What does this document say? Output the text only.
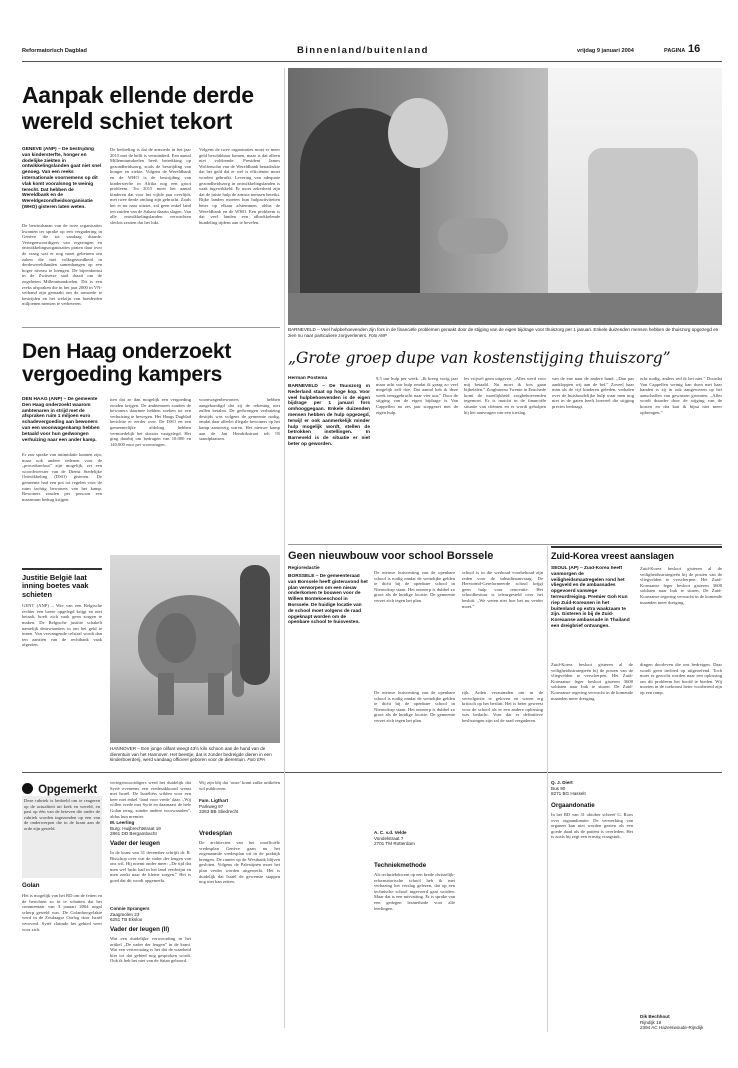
Reformatorisch Dagblad	Binnenland/buitenland	vrijdag 9 januari 2004	PAGINA 16
Aanpak ellende derde
wereld schiet tekort
GENEVE (ANP) – De bestrijding van kindersterfte, honger en dodelijke ziekten in ontwikkelingslanden gaat niet snel genoeg. Van een reeks internationale voornemens op dit vlak komt vooralsnog te weinig terecht. Dat hebben de Wereldbank en de Wereldgezondheidsorganisatie (WHO) gisteren laten weten.
De bewindsman van de twee organisaties kwamen ter sprake op een vergadering in Genève die tot vandaag duurde. Vertegenwoordigers van regeringen en ontwikkelingsorganisaties praten daar over de vraag wat er nog moet gebeuren om zaken die met volksgezondheid in derdewereldlanden samenhangen op een hoger niveau te brengen. De bijeenkomst in de Zwitserse stad draait om de zogeheten Millenniumdoelen. Dit is een reeks afspraken die in het jaar 2000 in VN-verband zijn gemaakt om de armoede te bestrijden en het welzijn van honderden miljoenen mensen te verbeteren.
De bedoeling is dat de armoede in het jaar 2015 met de helft is verminderd. Een aantal Millenniumdoelen heeft betrekking op gezondheidszorg, zoals de bestrijding van honger en ziekte. Volgens de Wereldbank en de WHO is de bestrijding van kindersterfte in Afrika nog een groot probleem. Tot 2015 moet het aantal kinderen dat voor het vijfde jaar overlijdt, met twee derde omlaag zijn gebracht. Zoals het er nu naar uitziet, zal geen enkel land ten zuiden van de Sahara daarin slagen. Van alle ontwikkelingslanden verwachten slechts zestien dat het lukt.
Volgens de twee organisaties moet er meer geld beschikbaar komen, maar is dat alleen niet voldoende. President James Wolfensohn van de Wereldbank benadrukte dat het geld dat er wel is efficiënter moet worden gebruikt. Levering van adequate gezondheidszorg in ontwikkelingslanden is vaak ingewikkeld. Er moet zekerheid zijn dat de juiste hulp de armste mensen bereikt. Rijke landen moeten hun hulpactiviteiten beter op elkaar afstemmen, aldus de Wereldbank en de WHO. Een probleem is dat veel landen een afbrokkelende bundeling tijdens aan te bevelen.
BARNEVELD – Veel hulpbehoevenden zijn fors in de financiële problemen geraakt door de stijging van de eigen bijdrage voor thuiszorg per 1 januari. Enkele duizenden mensen hebben de thuiszorg opgezegd en zien nu naar particuliere zorgverleners. Foto ANP
Den Haag onderzoekt
vergoeding kampers
DEN HAAG (ANP) – De gemeente Den Haag onderzoekt waarom ambtenaren in strijd met de afspraken ruim 1 miljoen euro schadevergoeding aan bewoners van een woonwagenkamp hebben betaald voor hun gedwongen verhuizing naar een ander kamp.
Er zou sprake van intimidatie kunnen zijn, maar ook andere redenen voor de „procedurefout” zijn mogelijk, zei een woordvoerster van de Dienst Stedelijke Ontwikkeling (DSO) gisteren. De gemeente had een pot tot regelen voor de ruim tachtig bewoners van het kamp. Bewoners zouden per persoon een maximum bedrag krijgen.
tien dat ze dan mogelijk een vergoeding zouden krijgen. De ambtenaren zouden de bewoners daarmee hebben zoeken tot een verhuizing te bewegen. Het Haags Dagblad berichtte er eerder over. De DSO en een gemeentelijke afdeling hebben vermoedelijk het dossier vastgelegd. Het ging daarbij om bedragen van 10.000 en 140.000 euro per woonwagen.
woonwagenbewoners hebben aangekondigd dat zij de rekening niet zullen betalen. De gedwongen verhuizing destijds was volgens de gemeente nodig, omdat daar allerlei illegale bewoners op het kamp aanwezig waren. Het nieuwe kamp aan de Jan Hendrikstraat telt 95 standplaatsen.
Justitie België laat inning boetes vaak schieten
GENT (ANP) – Wie van een Belgische rechter een boete opgelegd krijgt en niet betaalt, hoeft zich vaak geen zorgen te maken. De Belgische justitie schakelt namelijk deurwaarders in om het geld te innen. Van vervangende celstraf wordt dan ten aanzien van de rechtbank vaak afgezien.
HANNOVER – Een jonge olifant weegt 43½ kilo schoon aan de hand van de dierentuin van het Hannover. Het beestje, dat is zonder bedreigde dieren in een kinderboerderij, werd vandaag officieel geboren voor de dierentuin. Foto EPA
„Grote groep dupe van kostenstijging thuiszorg”
Herman Postema
BARNEVELD – De thuiszorg in Nederland staat op hoge kop. Voor veel hulpbehoevenden is de eigen bijdrage per 1 januari fors omhooggegaan. Enkele duizenden mensen hebben de hulp opgezegd, terwijl er ook aanmerkelijk minder hulp mogelijk wordt, stellen de betrokken instellingen. In Barneveld is de situatie er niet beter op geworden.
9,5 uur hulp per week. „Ik kreeg vorig jaar maar acht uur hulp omdat ik graag zo veel mogelijk zelf doe. Dat aantal heb ik deze week teruggebracht naar vier uur.” Door de stijging van de eigen bijdrage is Van Cappellen na zes jaar stopgezet met de eigen hulp.
les vrijwel geen uitgaven. „Alles werd voor mij betaald. Nu moet ik fors gaan bijbetalen.” Zorgbureau Twente in Enschede komt de moeilijkheid zorgbehoevenden tegemoet. Er is inzicht in de financiële situatie van cliënten en er wordt geholpen bij het aanvragen van een toeslag.
van de ene naar de andere hand. „Dan pas aankloppen wij aan de bel.” Zoveel haar man als de vijf kinderen geleden, verhalen over de huishoudelijke hulp waar men nog niet in de gaten heeft hoeveel die stijging precies bedraagt.
echt nodig, anders red ik het niet.” Doordat Van Cappellen weinig kan doen met haar handen is zij in ook aangewezen op het aanschaffen van gewassen groenten. „Alles wordt duurder door de stijging van de kosten en dat kan ik bijna niet meer opbrengen.”
Geen nieuwbouw voor school Borssele
Regioredactie
BORSSELE – De gemeenteraad van Borssele heeft gisteravond het plan verworpen om een nieuw onderkomen te bouwen voor de Willem Bontekoeschool in Borssele. De huidige locatie van de school moet volgens de raad opgeknapt worden om de openbare school te huisvesten.
De nieuwe huisvesting van de openbare school is nodig omdat de wettelijke gelden te dicht bij de openbare school in Nieuwdorp staan. Het ontwerp is dubbel zo groot als de huidige locatie. De gemeente verzet zich tegen het plan.
school is in die wethoud voorbehoud zijn reden voor de subsidieaanvraag. De Hervormd-Gereformeerde school krijgt geen hulp voor renovatie. Het schoolbestuur is teleurgesteld over het besluit. „We weten niet hoe het nu verder moet.”
rijk. Arden verzuimden om in de vervolgactie te geloven en waren erg kritisch op het besluit. Het is beter geweest voor de school als er een andere oplossing was bedacht. Voor dat er definitieve beslissingen zijn zal de raad vergaderen.
Zuid-Korea vreest aanslagen
SEOUL (AP) – Zuid-Korea heeft vanmorgen de veiligheidsmaatregelen rond het vliegveld en de ambassades opgevoerd vanwege terreurdreiging. Premier Goh Kun riep Zuid-Koreanen in het buitenland op extra waakzaam te zijn. Gisteren is bij de Zuid-Koreaanse ambassade in Thailand een dreigbrief ontvangen.
Zuid-Korea besloot gisteren al de veiligheidsstrategieën bij de posten van de vliegvelden te verscherpen. Het Zuid-Koreaanse leger besloot gisteren 3600 soldaten naar Irak te sturen. De Zuid-Koreaanse regering verwacht in de komende maanden meer dreiging.
Opgemerkt
Deze rubriek is bedoeld om te reageren op de actualiteit uit kerk en wereld, en past op één van de brieven die onder de rubriek worden ingezonden op een van de onderwerpen die in de krant aan de orde zijn gesteld.
Golan
Het is mogelijk van het RD om de feiten en de berichten zo in te schatten dat het commentaar van 3 januari 2004 nogal scherp gesteld was. De Golanhoogvlakte werd in de Zesdaagse Oorlog door Israël veroverd. Syrië claimde het gebied weer voor zich.
vertegenwoordigers werd het duidelijk dat Syrië eveneens een vredesakkoord wenst met Israël. De Israëliërs wilden voor een keer niet enkel ‘land voor vrede’ daar. „Wij willen vrede met Syrië en daarnaast de hele Golan terug, zonder andere voorwaarden”, aldus hun premier.
M. Leerling
Burg. Huijbrechtstraat 19
2861 DD Bergambacht
Vader der leugen
In de krant van 31 december schrijft dr. R. Bisschop over wat de vader der leugen van ons wil. Hij noemt onder meer: „De tijd dat men wel lucht had in het land verdwijnt en men zoekt naar de kleine zorgen.” Het is goed dat dit wordt opgemerkt.
Connie Sprangers
Zaagmolen 23
6251 TB Eksloo
Vader der leugen (II)
Wat een duidelijke verwoording in het artikel „De vader der leugen” in de krant. Wat een vertroosting is het dat de waarheid hier tot dat gebied nog gesproken wordt. Ook ik heb het niet van de Satan gehoord.
Wij zijn blij dat ‘onze’ krant zulke artikelen wil publiceren.
Fam. Ligthart
Parkweg 97
3363 BB Sliedrecht
Vredesplan
De architecten van het onofficiële vredesplan Genève gaan nu het zogenaamde vredesplan uit in de praktijk brengen. De ramen op de Westbank blijven gesloten. Volgens de Palestijnen moet het plan verder worden uitgewerkt. Het is duidelijk dat Israël de gewenste stappen nog niet kan zetten.
A. C. v.d. Velde
Vondelstraat 7
2701 TM Rotterdam
Techniekmethode
Als techniekdocent op een brede christelijk-reformatorische school heb ik met verbazing het verslag gelezen, dat op een technische school ingevoerd gaat worden. Maar dat is een misvatting. Er is sprake van een gedegen lesmethode voor alle leerlingen.
De nieuwe huisvesting van de openbare school is nodig omdat de wettelijke gelden te dicht bij de openbare school in Nieuwdorp staan. Het ontwerp is dubbel zo groot als de huidige locatie. De gemeente verzet zich tegen het plan.
Zuid-Korea besloot gisteren al de veiligheidsstrategieën bij de posten van de vliegvelden te verscherpen. Het Zuid-Koreaanse leger besloot gisteren 3600 soldaten naar Irak te sturen. De Zuid-Koreaanse regering verwacht in de komende maanden meer dreiging.
Q. J. Diert
Bus 90
8271 BG Hasselt
Orgaandonatie
In het RD van 31 oktober schreef G. Roos over orgaandonatie. De verwerking van organen kan niet worden gezien als een goede daad als de patiënt is overleden. Het is zoals hij zegt een ernstig vraagstuk.
dingen doorleven die ons bedreigen. Daar wordt geen invloed op uitgeoefend. Toch moet er gezocht worden naar een oplossing om dit probleem het hoofd te bieden. Wij moeten in de toekomst beter voorbereid zijn op een ramp.
Dik Bechhout
Rijndijk 19
2394 AC Hazerswoude-Rijndijk
